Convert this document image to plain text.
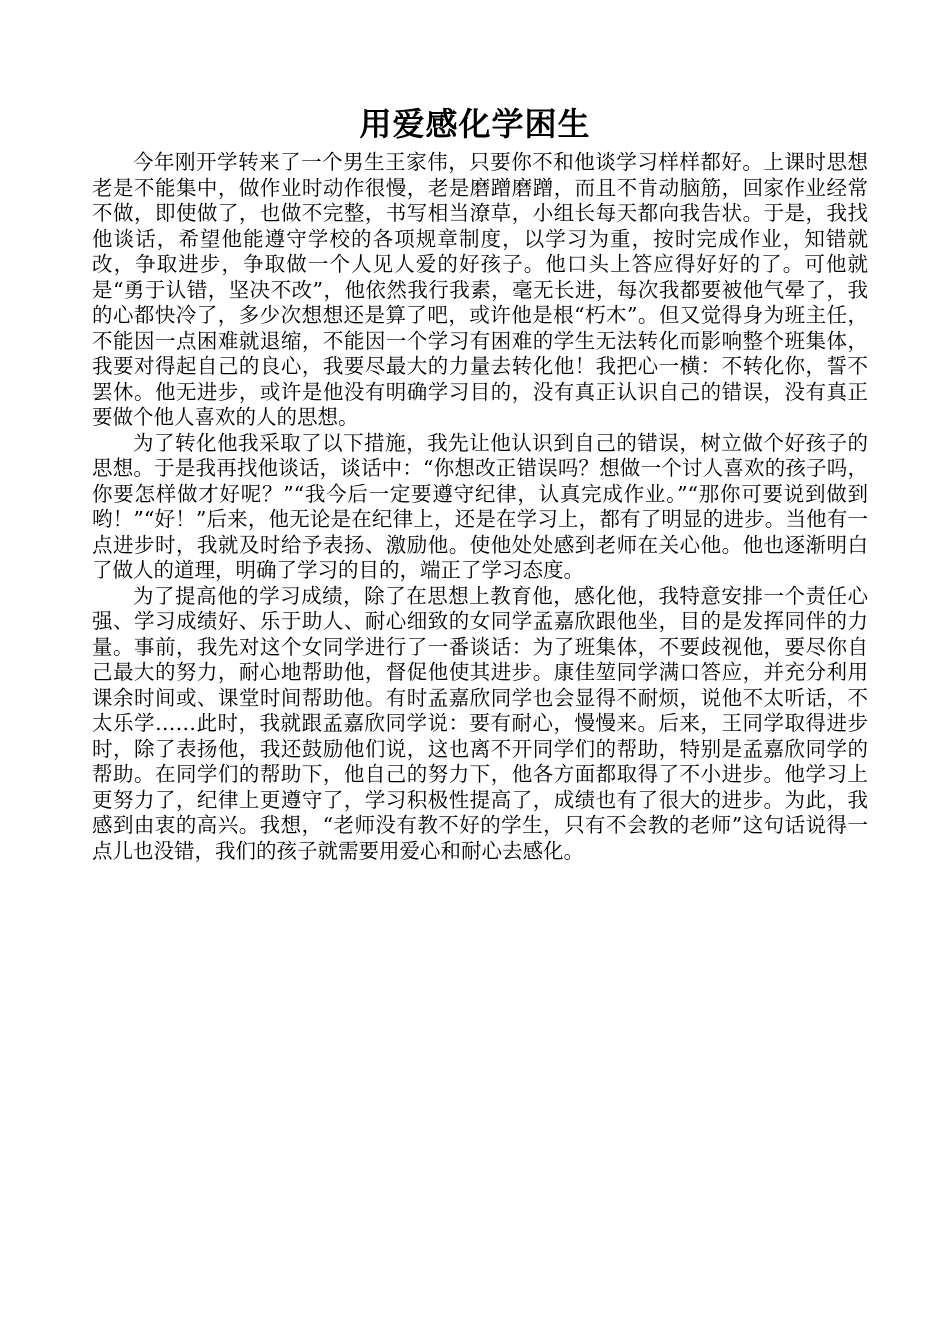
用爱感化学困生

今年刚开学转来了一个男生王家伟，只要你不和他谈学习样样都好。上课时思想老是不能集中，做作业时动作很慢，老是磨蹭磨蹭，而且不肯动脑筋，回家作业经常不做，即使做了，也做不完整，书写相当潦草，小组长每天都向我告状。于是，我找他谈话，希望他能遵守学校的各项规章制度，以学习为重，按时完成作业，知错就改，争取进步，争取做一个人见人爱的好孩子。他口头上答应得好好的了。可他就是“勇于认错，坚决不改”，他依然我行我素，毫无长进，每次我都要被他气晕了，我的心都快冷了，多少次想想还是算了吧，或许他是根“朽木”。但又觉得身为班主任，不能因一点困难就退缩，不能因一个学习有困难的学生无法转化而影响整个班集体，我要对得起自己的良心，我要尽最大的力量去转化他！我把心一横：不转化你，誓不罢休。他无进步，或许是他没有明确学习目的，没有真正认识自己的错误，没有真正要做个他人喜欢的人的思想。

为了转化他我采取了以下措施，我先让他认识到自己的错误，树立做个好孩子的思想。于是我再找他谈话，谈话中：“你想改正错误吗？想做一个讨人喜欢的孩子吗，你要怎样做才好呢？”“我今后一定要遵守纪律，认真完成作业。”“那你可要说到做到哟！”“好！”后来，他无论是在纪律上，还是在学习上，都有了明显的进步。当他有一点进步时，我就及时给予表扬、激励他。使他处处感到老师在关心他。他也逐渐明白了做人的道理，明确了学习的目的，端正了学习态度。

为了提高他的学习成绩，除了在思想上教育他，感化他，我特意安排一个责任心强、学习成绩好、乐于助人、耐心细致的女同学孟嘉欣跟他坐，目的是发挥同伴的力量。事前，我先对这个女同学进行了一番谈话：为了班集体，不要歧视他，要尽你自己最大的努力，耐心地帮助他，督促他使其进步。康佳堃同学满口答应，并充分利用课余时间或、课堂时间帮助他。有时孟嘉欣同学也会显得不耐烦，说他不太听话，不太乐学……此时，我就跟孟嘉欣同学说：要有耐心，慢慢来。后来，王同学取得进步时，除了表扬他，我还鼓励他们说，这也离不开同学们的帮助，特别是孟嘉欣同学的帮助。在同学们的帮助下，他自己的努力下，他各方面都取得了不小进步。他学习上更努力了，纪律上更遵守了，学习积极性提高了，成绩也有了很大的进步。为此，我感到由衷的高兴。我想，“老师没有教不好的学生，只有不会教的老师”这句话说得一点儿也没错，我们的孩子就需要用爱心和耐心去感化。
